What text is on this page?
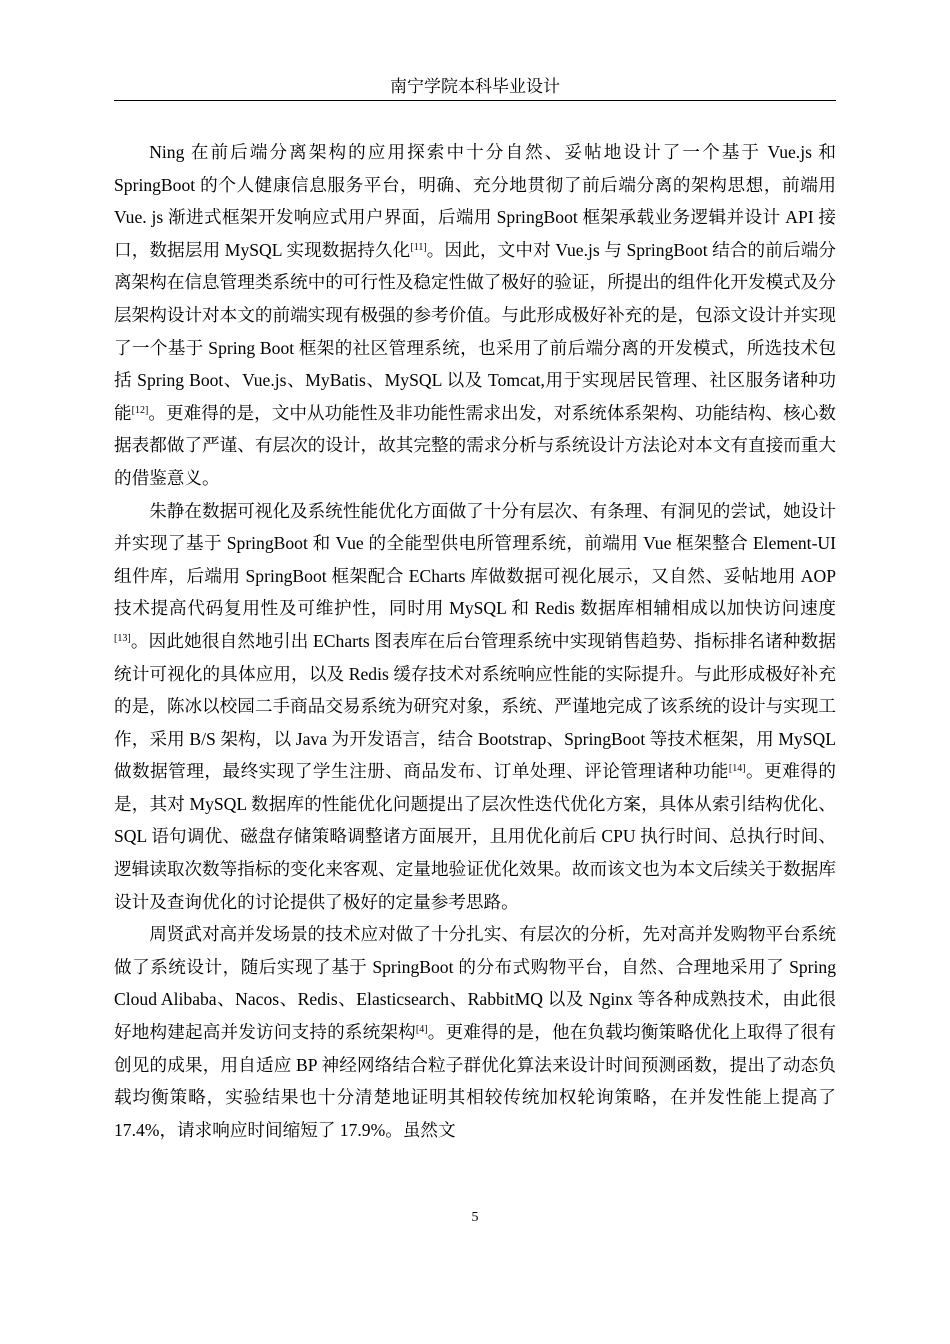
南宁学院本科毕业设计

Ning 在前后端分离架构的应用探索中十分自然、妥帖地设计了一个基于 Vue.js 和 SpringBoot 的个人健康信息服务平台，明确、充分地贯彻了前后端分离的架构思想，前端用 Vue. js 渐进式框架开发响应式用户界面，后端用 SpringBoot 框架承载业务逻辑并设计 API 接口，数据层用 MySQL 实现数据持久化[11]。因此，文中对 Vue.js 与 SpringBoot 结合的前后端分离架构在信息管理类系统中的可行性及稳定性做了极好的验证，所提出的组件化开发模式及分层架构设计对本文的前端实现有极强的参考价值。与此形成极好补充的是，包添文设计并实现了一个基于 Spring Boot 框架的社区管理系统，也采用了前后端分离的开发模式，所选技术包括 Spring Boot、Vue.js、MyBatis、MySQL 以及 Tomcat,用于实现居民管理、社区服务诸种功能[12]。更难得的是，文中从功能性及非功能性需求出发，对系统体系架构、功能结构、核心数据表都做了严谨、有层次的设计，故其完整的需求分析与系统设计方法论对本文有直接而重大的借鉴意义。

朱静在数据可视化及系统性能优化方面做了十分有层次、有条理、有洞见的尝试，她设计并实现了基于 SpringBoot 和 Vue 的全能型供电所管理系统，前端用 Vue 框架整合 Element-UI 组件库，后端用 SpringBoot 框架配合 ECharts 库做数据可视化展示，又自然、妥帖地用 AOP 技术提高代码复用性及可维护性，同时用 MySQL 和 Redis 数据库相辅相成以加快访问速度[13]。因此她很自然地引出 ECharts 图表库在后台管理系统中实现销售趋势、指标排名诸种数据统计可视化的具体应用，以及 Redis 缓存技术对系统响应性能的实际提升。与此形成极好补充的是，陈冰以校园二手商品交易系统为研究对象，系统、严谨地完成了该系统的设计与实现工作，采用 B/S 架构，以 Java 为开发语言，结合 Bootstrap、SpringBoot 等技术框架，用 MySQL 做数据管理，最终实现了学生注册、商品发布、订单处理、评论管理诸种功能[14]。更难得的是，其对 MySQL 数据库的性能优化问题提出了层次性迭代优化方案，具体从索引结构优化、SQL 语句调优、磁盘存储策略调整诸方面展开，且用优化前后 CPU 执行时间、总执行时间、逻辑读取次数等指标的变化来客观、定量地验证优化效果。故而该文也为本文后续关于数据库设计及查询优化的讨论提供了极好的定量参考思路。

周贤武对高并发场景的技术应对做了十分扎实、有层次的分析，先对高并发购物平台系统做了系统设计，随后实现了基于 SpringBoot 的分布式购物平台，自然、合理地采用了 Spring Cloud Alibaba、Nacos、Redis、Elasticsearch、RabbitMQ 以及 Nginx 等各种成熟技术，由此很好地构建起高并发访问支持的系统架构[4]。更难得的是，他在负载均衡策略优化上取得了很有创见的成果，用自适应 BP 神经网络结合粒子群优化算法来设计时间预测函数，提出了动态负载均衡策略，实验结果也十分清楚地证明其相较传统加权轮询策略，在并发性能上提高了 17.4%，请求响应时间缩短了 17.9%。虽然文

5
